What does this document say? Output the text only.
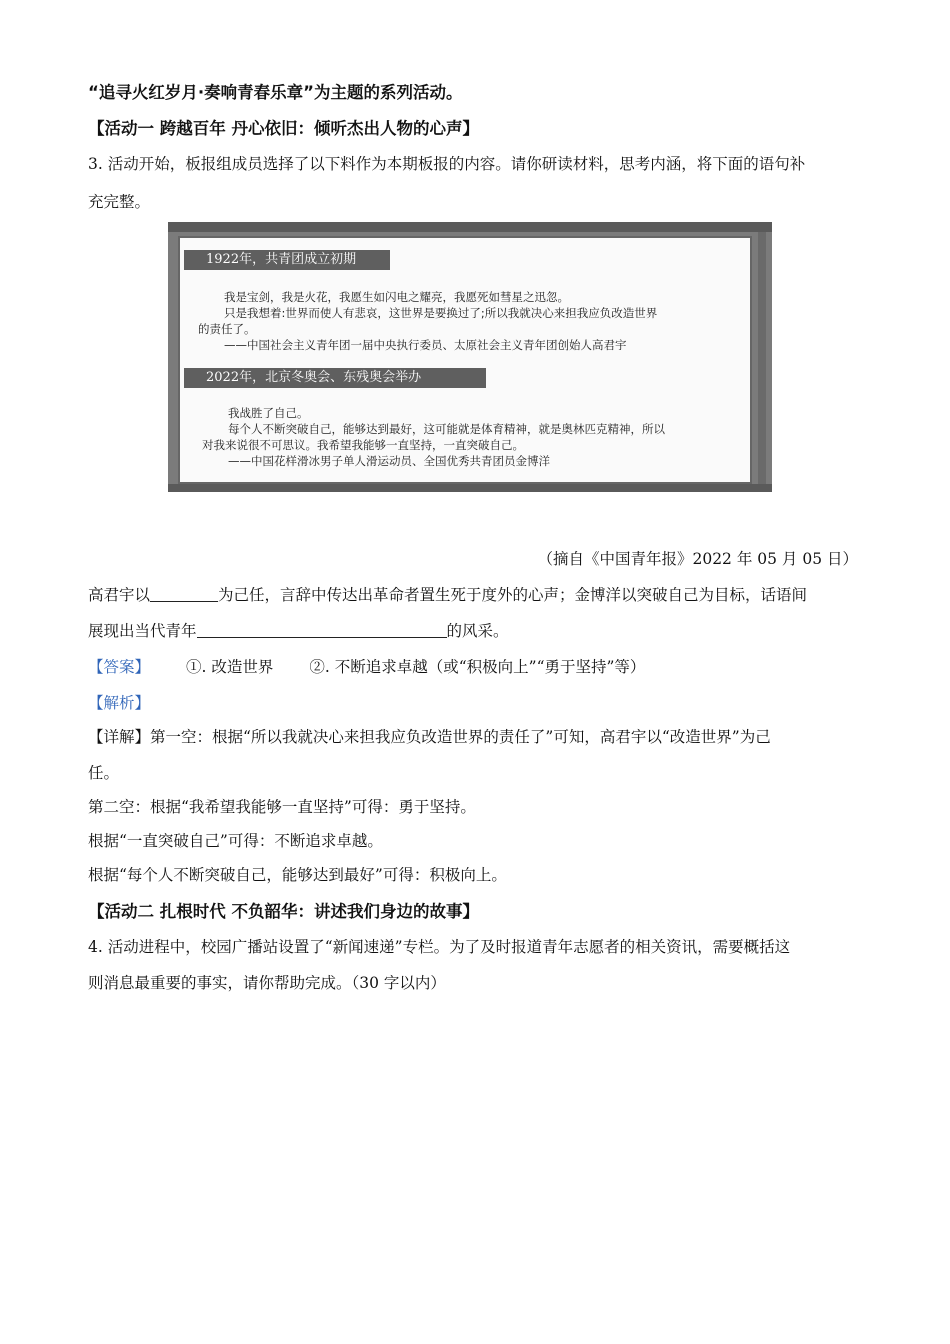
“追寻火红岁月·奏响青春乐章”为主题的系列活动。

【活动一 跨越百年 丹心依旧：倾听杰出人物的心声】

3. 活动开始，板报组成员选择了以下料作为本期板报的内容。请你研读材料，思考内涵，将下面的语句补

充完整。

1922年，共青团成立初期
我是宝剑，我是火花，我愿生如闪电之耀亮，我愿死如彗星之迅忽。
只是我想着:世界而使人有悲哀，这世界是要换过了;所以我就决心来担我应负改造世界
的责任了。
——中国社会主义青年团一届中央执行委员、太原社会主义青年团创始人高君宇
2022年，北京冬奥会、东残奥会举办
我战胜了自己。
每个人不断突破自己，能够达到最好，这可能就是体育精神，就是奥林匹克精神，所以
对我来说很不可思议。我希望我能够一直坚持，一直突破自己。
——中国花样滑冰男子单人滑运动员、全国优秀共青团员金博洋

（摘自《中国青年报》2022 年 05 月 05 日）

高君宇以	为己任，言辞中传达出革命者置生死于度外的心声；金博洋以突破自己为目标，话语间

展现出当代青年	的风采。

【答案】 ①. 改造世界 ②. 不断追求卓越（或“积极向上”“勇于坚持”等）

【解析】

【详解】第一空：根据“所以我就决心来担我应负改造世界的责任了”可知，高君宇以“改造世界”为己

任。

第二空：根据“我希望我能够一直坚持”可得：勇于坚持。

根据“一直突破自己”可得：不断追求卓越。

根据“每个人不断突破自己，能够达到最好”可得：积极向上。

【活动二 扎根时代 不负韶华：讲述我们身边的故事】

4. 活动进程中，校园广播站设置了“新闻速递”专栏。为了及时报道青年志愿者的相关资讯，需要概括这

则消息最重要的事实，请你帮助完成。（30 字以内）
